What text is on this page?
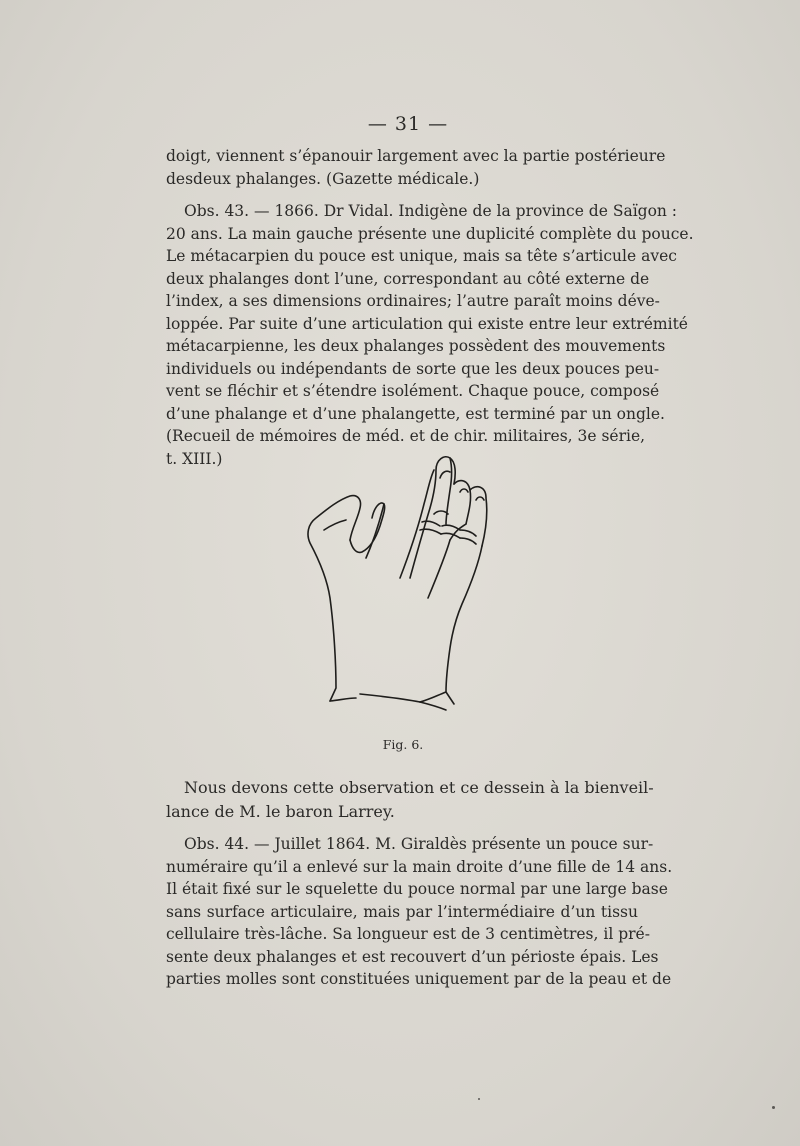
— 31 —
doigt, viennent s’épanouir largement avec la partie postérieure
desdeux phalanges. (Gazette médicale.)
Obs. 43. — 1866. Dr Vidal. Indigène de la province de Saïgon :
20 ans. La main gauche présente une duplicité complète du pouce.
Le métacarpien du pouce est unique, mais sa tête s’articule avec
deux phalanges dont l’une, correspondant au côté externe de
l’index, a ses dimensions ordinaires; l’autre paraît moins déve-
loppée. Par suite d’une articulation qui existe entre leur extrémité
métacarpienne, les deux phalanges possèdent des mouvements
individuels ou indépendants de sorte que les deux pouces peu-
vent se fléchir et s’étendre isolément. Chaque pouce, composé
d’une phalange et d’une phalangette, est terminé par un ongle.
(Recueil de mémoires de méd. et de chir. militaires, 3e série,
t. XIII.)
Fig. 6.
Nous devons cette observation et ce dessein à la bienveil-
lance de M. le baron Larrey.
Obs. 44. — Juillet 1864. M. Giraldès présente un pouce sur-
numéraire qu’il a enlevé sur la main droite d’une fille de 14 ans.
Il était fixé sur le squelette du pouce normal par une large base
sans surface articulaire, mais par l’intermédiaire d’un tissu
cellulaire très-lâche. Sa longueur est de 3 centimètres, il pré-
sente deux phalanges et est recouvert d’un périoste épais. Les
parties molles sont constituées uniquement par de la peau et de
